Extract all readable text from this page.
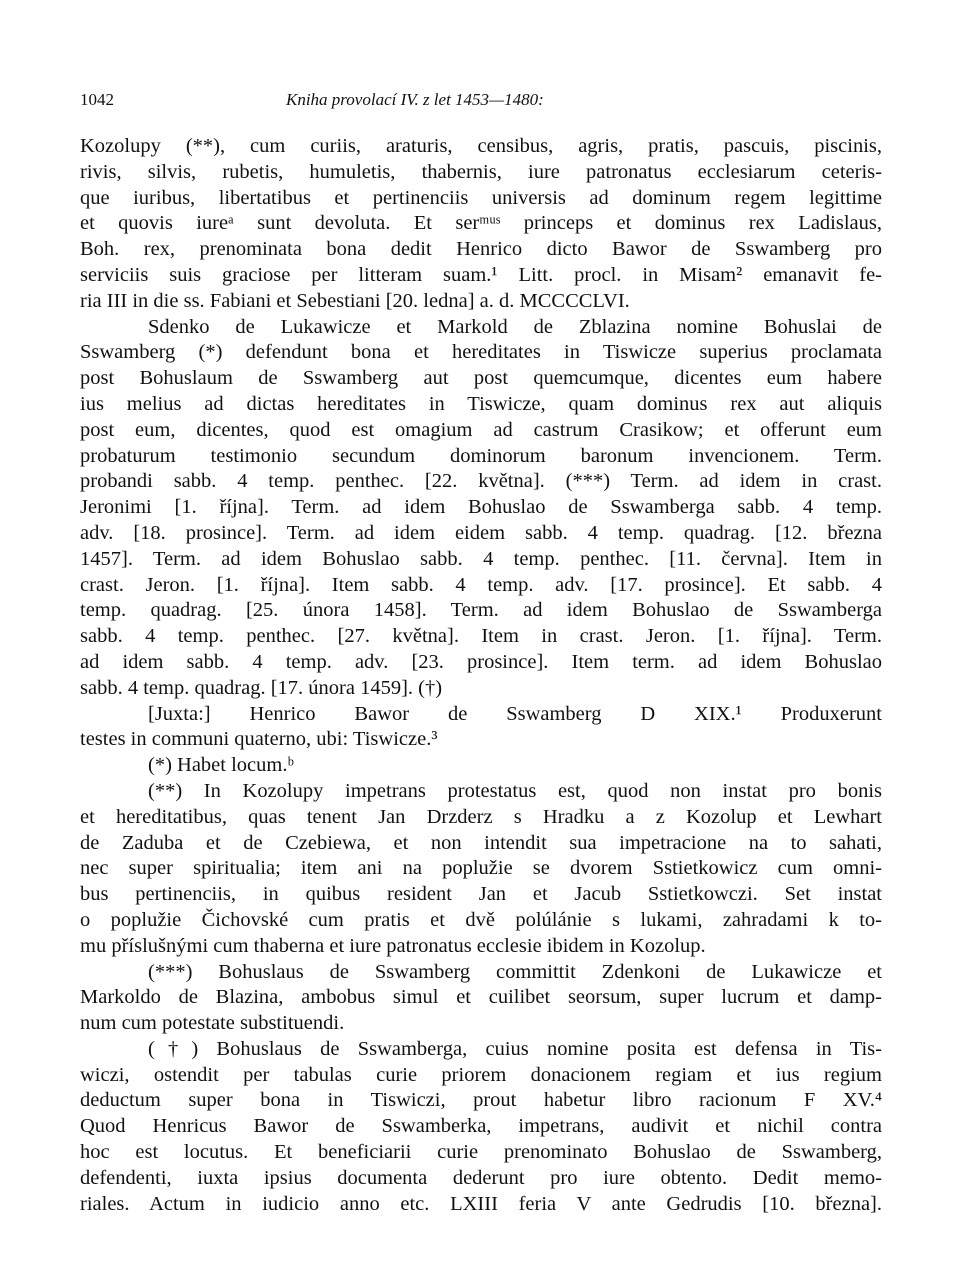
1042	Kniha provolací IV. z let 1453—1480:
Kozolupy (**), cum curiis, araturis, censibus, agris, pratis, pascuis, piscinis,
rivis, silvis, rubetis, humuletis, thabernis, iure patronatus ecclesiarum ceteris-
que iuribus, libertatibus et pertinenciis universis ad dominum regem legittime
et quovis iureᵃ sunt devoluta. Et serᵐᵘˢ princeps et dominus rex Ladislaus,
Boh. rex, prenominata bona dedit Henrico dicto Bawor de Sswamberg pro
serviciis suis graciose per litteram suam.¹ Litt. procl. in Misam² emanavit fe-
ria III in die ss. Fabiani et Sebestiani [20. ledna] a. d. MCCCCLVI.
Sdenko de Lukawicze et Markold de Zblazina nomine Bohuslai de
Sswamberg (*) defendunt bona et hereditates in Tiswicze superius proclamata
post Bohuslaum de Sswamberg aut post quemcumque, dicentes eum habere
ius melius ad dictas hereditates in Tiswicze, quam dominus rex aut aliquis
post eum, dicentes, quod est omagium ad castrum Crasikow; et offerunt eum
probaturum testimonio secundum dominorum baronum invencionem. Term.
probandi sabb. 4 temp. penthec. [22. května]. (***) Term. ad idem in crast.
Jeronimi [1. října]. Term. ad idem Bohuslao de Sswamberga sabb. 4 temp.
adv. [18. prosince]. Term. ad idem eidem sabb. 4 temp. quadrag. [12. března
1457]. Term. ad idem Bohuslao sabb. 4 temp. penthec. [11. června]. Item in
crast. Jeron. [1. října]. Item sabb. 4 temp. adv. [17. prosince]. Et sabb. 4
temp. quadrag. [25. února 1458]. Term. ad idem Bohuslao de Sswamberga
sabb. 4 temp. penthec. [27. května]. Item in crast. Jeron. [1. října]. Term.
ad idem sabb. 4 temp. adv. [23. prosince]. Item term. ad idem Bohuslao
sabb. 4 temp. quadrag. [17. února 1459]. (†)
[Juxta:] Henrico Bawor de Sswamberg D XIX.¹ Produxerunt
testes in communi quaterno, ubi: Tiswicze.³
(*) Habet locum.ᵇ
(**) In Kozolupy impetrans protestatus est, quod non instat pro bonis
et hereditatibus, quas tenent Jan Drzderz s Hradku a z Kozolup et Lewhart
de Zaduba et de Czebiewa, et non intendit sua impetracione na to sahati,
nec super spiritualia; item ani na poplužie se dvorem Sstietkowicz cum omni-
bus pertinenciis, in quibus resident Jan et Jacub Sstietkowczi. Set instat
o poplužie Čichovské cum pratis et dvě polúlánie s lukami, zahradami k to-
mu příslušnými cum thaberna et iure patronatus ecclesie ibidem in Kozolup.
(***) Bohuslaus de Sswamberg committit Zdenkoni de Lukawicze et
Markoldo de Blazina, ambobus simul et cuilibet seorsum, super lucrum et damp-
num cum potestate substituendi.
(†) Bohuslaus de Sswamberga, cuius nomine posita est defensa in Tis-
wiczi, ostendit per tabulas curie priorem donacionem regiam et ius regium
deductum super bona in Tiswiczi, prout habetur libro racionum F XV.⁴
Quod Henricus Bawor de Sswamberka, impetrans, audivit et nichil contra
hoc est locutus. Et beneficiarii curie prenominato Bohuslao de Sswamberg,
defendenti, iuxta ipsius documenta dederunt pro iure obtento. Dedit memo-
riales. Actum in iudicio anno etc. LXIII feria V ante Gedrudis [10. března].
